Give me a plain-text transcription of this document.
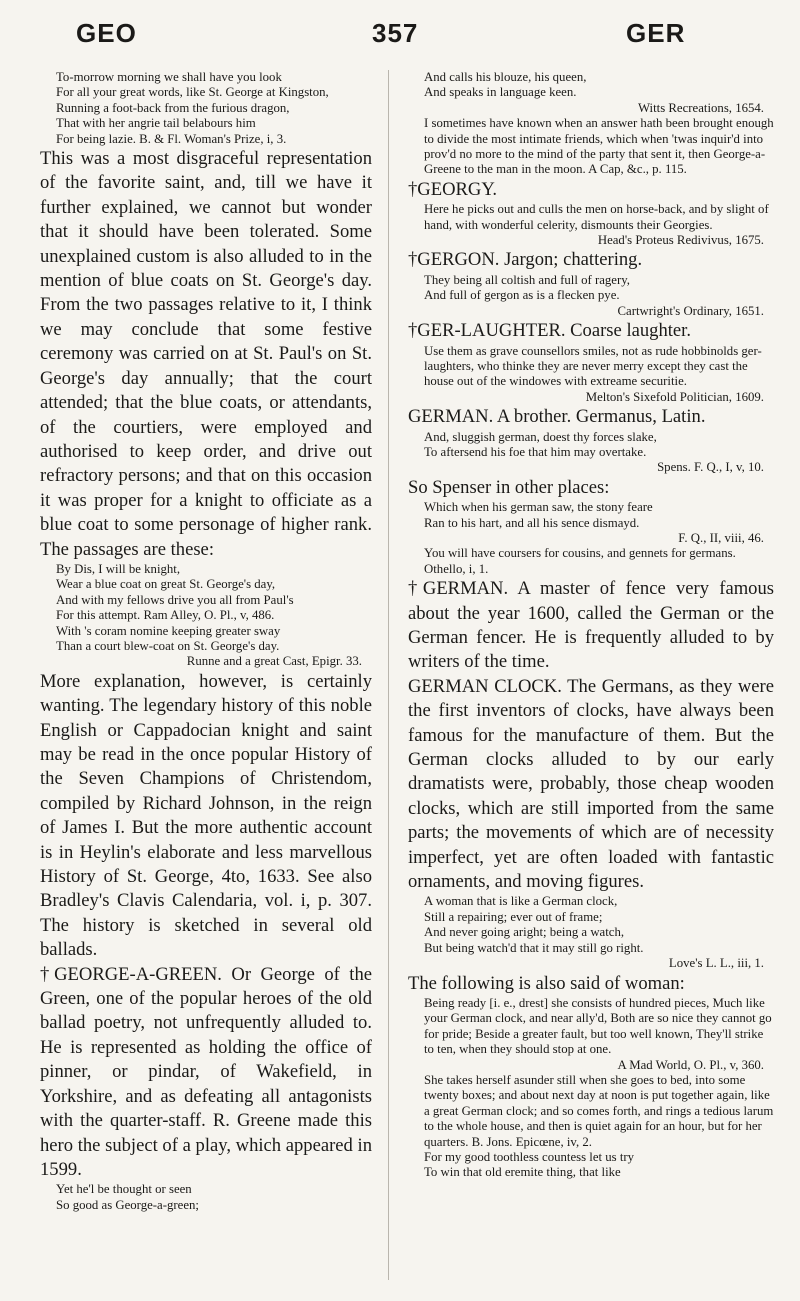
GEO	357	GER
To-morrow morning we shall have you look
For all your great words, like St. George at Kingston,
Running a foot-back from the furious dragon,
That with her angrie tail belabours him
For being lazie. B. & Fl. Woman's Prize, i, 3.
This was a most disgraceful representation of the favorite saint, and, till we have it further explained, we cannot but wonder that it should have been tolerated. Some unexplained custom is also alluded to in the mention of blue coats on St. George's day. From the two passages relative to it, I think we may conclude that some festive ceremony was carried on at St. Paul's on St. George's day annually; that the court attended; that the blue coats, or attendants, of the courtiers, were employed and authorised to keep order, and drive out refractory persons; and that on this occasion it was proper for a knight to officiate as a blue coat to some personage of higher rank. The passages are these:
By Dis, I will be knight,
Wear a blue coat on great St. George's day,
And with my fellows drive you all from Paul's
For this attempt. Ram Alley, O. Pl., v, 486.
With 's coram nomine keeping greater sway
Than a court blew-coat on St. George's day.
Runne and a great Cast, Epigr. 33.
More explanation, however, is certainly wanting. The legendary history of this noble English or Cappadocian knight and saint may be read in the once popular History of the Seven Champions of Christendom, compiled by Richard Johnson, in the reign of James I. But the more authentic account is in Heylin's elaborate and less marvellous History of St. George, 4to, 1633. See also Bradley's Clavis Calendaria, vol. i, p. 307. The history is sketched in several old ballads.
†GEORGE-A-GREEN. Or George of the Green, one of the popular heroes of the old ballad poetry, not unfrequently alluded to. He is represented as holding the office of pinner, or pindar, of Wakefield, in Yorkshire, and as defeating all antagonists with the quarter-staff. R. Greene made this hero the subject of a play, which appeared in 1599.
Yet he'l be thought or seen
So good as George-a-green;
And calls his blouze, his queen,
And speaks in language keen.
Witts Recreations, 1654.
I sometimes have known when an answer hath been brought enough to divide the most intimate friends, which when 'twas inquir'd into prov'd no more to the mind of the party that sent it, then George-a-Greene to the man in the moon. A Cap, &c., p. 115.
†GEORGY.
Here he picks out and culls the men on horse-back, and by slight of hand, with wonderful celerity, dismounts their Georgies.
Head's Proteus Redivivus, 1675.
†GERGON. Jargon; chattering.
They being all coltish and full of ragery,
And full of gergon as is a flecken pye.
Cartwright's Ordinary, 1651.
†GER-LAUGHTER. Coarse laughter.
Use them as grave counsellors smiles, not as rude hobbinolds ger-laughters, who thinke they are never merry except they cast the house out of the windowes with extreame securitie.
Melton's Sixefold Politician, 1609.
GERMAN. A brother. Germanus, Latin.
And, sluggish german, doest thy forces slake,
To aftersend his foe that him may overtake.
Spens. F. Q., I, v, 10.
So Spenser in other places:
Which when his german saw, the stony feare
Ran to his hart, and all his sence dismayd.
F. Q., II, viii, 46.
You will have coursers for cousins, and gennets for germans. Othello, i, 1.
†GERMAN. A master of fence very famous about the year 1600, called the German or the German fencer. He is frequently alluded to by writers of the time.
GERMAN CLOCK. The Germans, as they were the first inventors of clocks, have always been famous for the manufacture of them. But the German clocks alluded to by our early dramatists were, probably, those cheap wooden clocks, which are still imported from the same parts; the movements of which are of necessity imperfect, yet are often loaded with fantastic ornaments, and moving figures.
A woman that is like a German clock,
Still a repairing; ever out of frame;
And never going aright; being a watch,
But being watch'd that it may still go right.
Love's L. L., iii, 1.
The following is also said of woman:
Being ready [i. e., drest] she consists of hundred pieces, Much like your German clock, and near ally'd, Both are so nice they cannot go for pride; Beside a greater fault, but too well known, They'll strike to ten, when they should stop at one.
A Mad World, O. Pl., v, 360.
She takes herself asunder still when she goes to bed, into some twenty boxes; and about next day at noon is put together again, like a great German clock; and so comes forth, and rings a tedious larum to the whole house, and then is quiet again for an hour, but for her quarters. B. Jons. Epicœne, iv, 2.
For my good toothless countess let us try
To win that old eremite thing, that like
